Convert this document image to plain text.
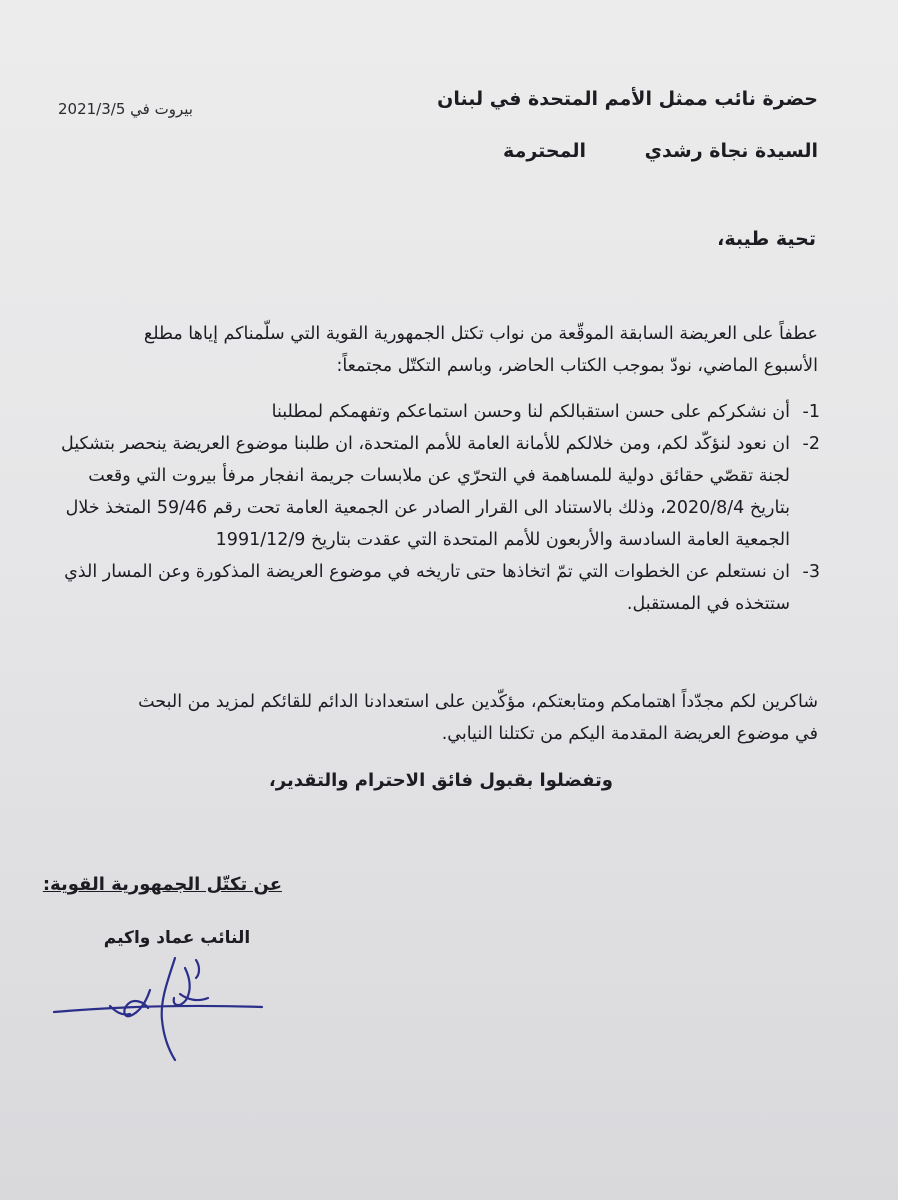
بيروت في 2021/3/5	حضرة نائب ممثل الأمم المتحدة في لبنان
السيدة نجاة رشدي
المحترمة
تحية طيبة،

عطفاً على العريضة السابقة الموقّعة من نواب تكتل الجمهورية القوية التي سلّمناكم إياها مطلع

الأسبوع الماضي، نودّ بموجب الكتاب الحاضر، وباسم التكتّل مجتمعاً:

-1
أن نشكركم على حسن استقبالكم لنا وحسن استماعكم وتفهمكم لمطلبنا
-2
ان نعود لنؤكّد لكم، ومن خلالكم للأمانة العامة للأمم المتحدة، ان طلبنا موضوع العريضة ينحصر بتشكيل لجنة تقصّي حقائق دولية للمساهمة في التحرّي عن ملابسات جريمة انفجار مرفأ بيروت التي وقعت بتاريخ 2020/8/4، وذلك بالاستناد الى القرار الصادر عن الجمعية العامة تحت رقم 59/46 المتخذ خلال الجمعية العامة السادسة والأربعون للأمم المتحدة التي عقدت بتاريخ 1991/12/9
-3
ان نستعلم عن الخطوات التي تمّ اتخاذها حتى تاريخه في موضوع العريضة المذكورة وعن المسار الذي ستتخذه في المستقبل.

شاكرين لكم مجدّداً اهتمامكم ومتابعتكم، مؤكّدين على استعدادنا الدائم للقائكم لمزيد من البحث

في موضوع العريضة المقدمة اليكم من تكتلنا النيابي.

وتفضلوا بقبول فائق الاحترام والتقدير،
عن تكتّل الجمهورية القوية:
النائب عماد واكيم
